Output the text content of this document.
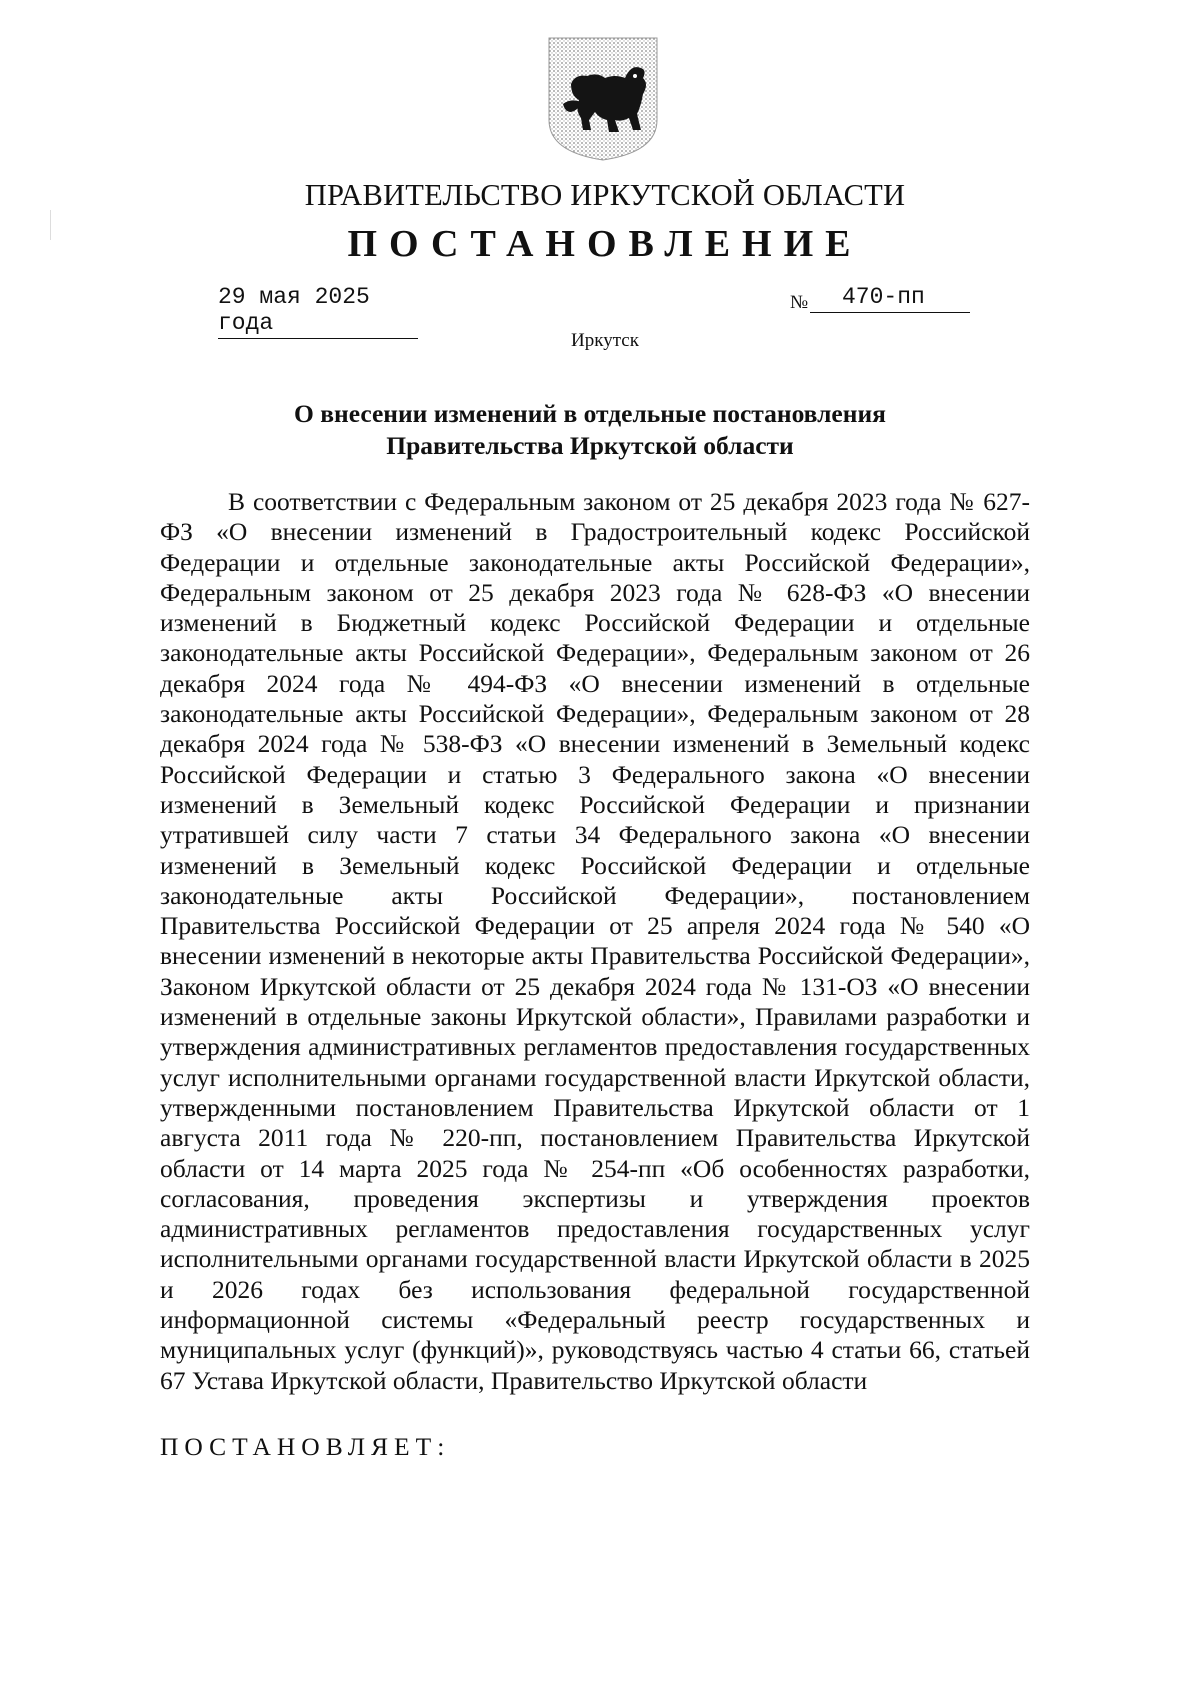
ПРАВИТЕЛЬСТВО ИРКУТСКОЙ ОБЛАСТИ
ПОСТАНОВЛЕНИЕ
29 мая 2025 года
№	470-пп
Иркутск
О внесении изменений в отдельные постановления
Правительства Иркутской области

В соответствии с Федеральным законом от 25 декабря 2023 года № 627-ФЗ «О внесении изменений в Градостроительный кодекс Российской Федерации и отдельные законодательные акты Российской Федерации», Федеральным законом от 25 декабря 2023 года № 628-ФЗ «О внесении изменений в Бюджетный кодекс Российской Федерации и отдельные законодательные акты Российской Федерации», Федеральным законом от 26 декабря 2024 года № 494-ФЗ «О внесении изменений в отдельные законодательные акты Российской Федерации», Федеральным законом от 28 декабря 2024 года № 538-ФЗ «О внесении изменений в Земельный кодекс Российской Федерации и статью 3 Федерального закона «О внесении изменений в Земельный кодекс Российской Федерации и признании утратившей силу части 7 статьи 34 Федерального закона «О внесении изменений в Земельный кодекс Российской Федерации и отдельные законодательные акты Российской Федерации», постановлением Правительства Российской Федерации от 25 апреля 2024 года № 540 «О внесении изменений в некоторые акты Правительства Российской Федерации», Законом Иркутской области от 25 декабря 2024 года № 131-ОЗ «О внесении изменений в отдельные законы Иркутской области», Правилами разработки и утверждения административных регламентов предоставления государственных услуг исполнительными органами государственной власти Иркутской области, утвержденными постановлением Правительства Иркутской области от 1 августа 2011 года № 220-пп, постановлением Правительства Иркутской области от 14 марта 2025 года № 254-пп «Об особенностях разработки, согласования, проведения экспертизы и утверждения проектов административных регламентов предоставления государственных услуг исполнительными органами государственной власти Иркутской области в 2025 и 2026 годах без использования федеральной государственной информационной системы «Федеральный реестр государственных и муниципальных услуг (функций)», руководствуясь частью 4 статьи 66, статьей 67 Устава Иркутской области, Правительство Иркутской области

ПОСТАНОВЛЯЕТ:
